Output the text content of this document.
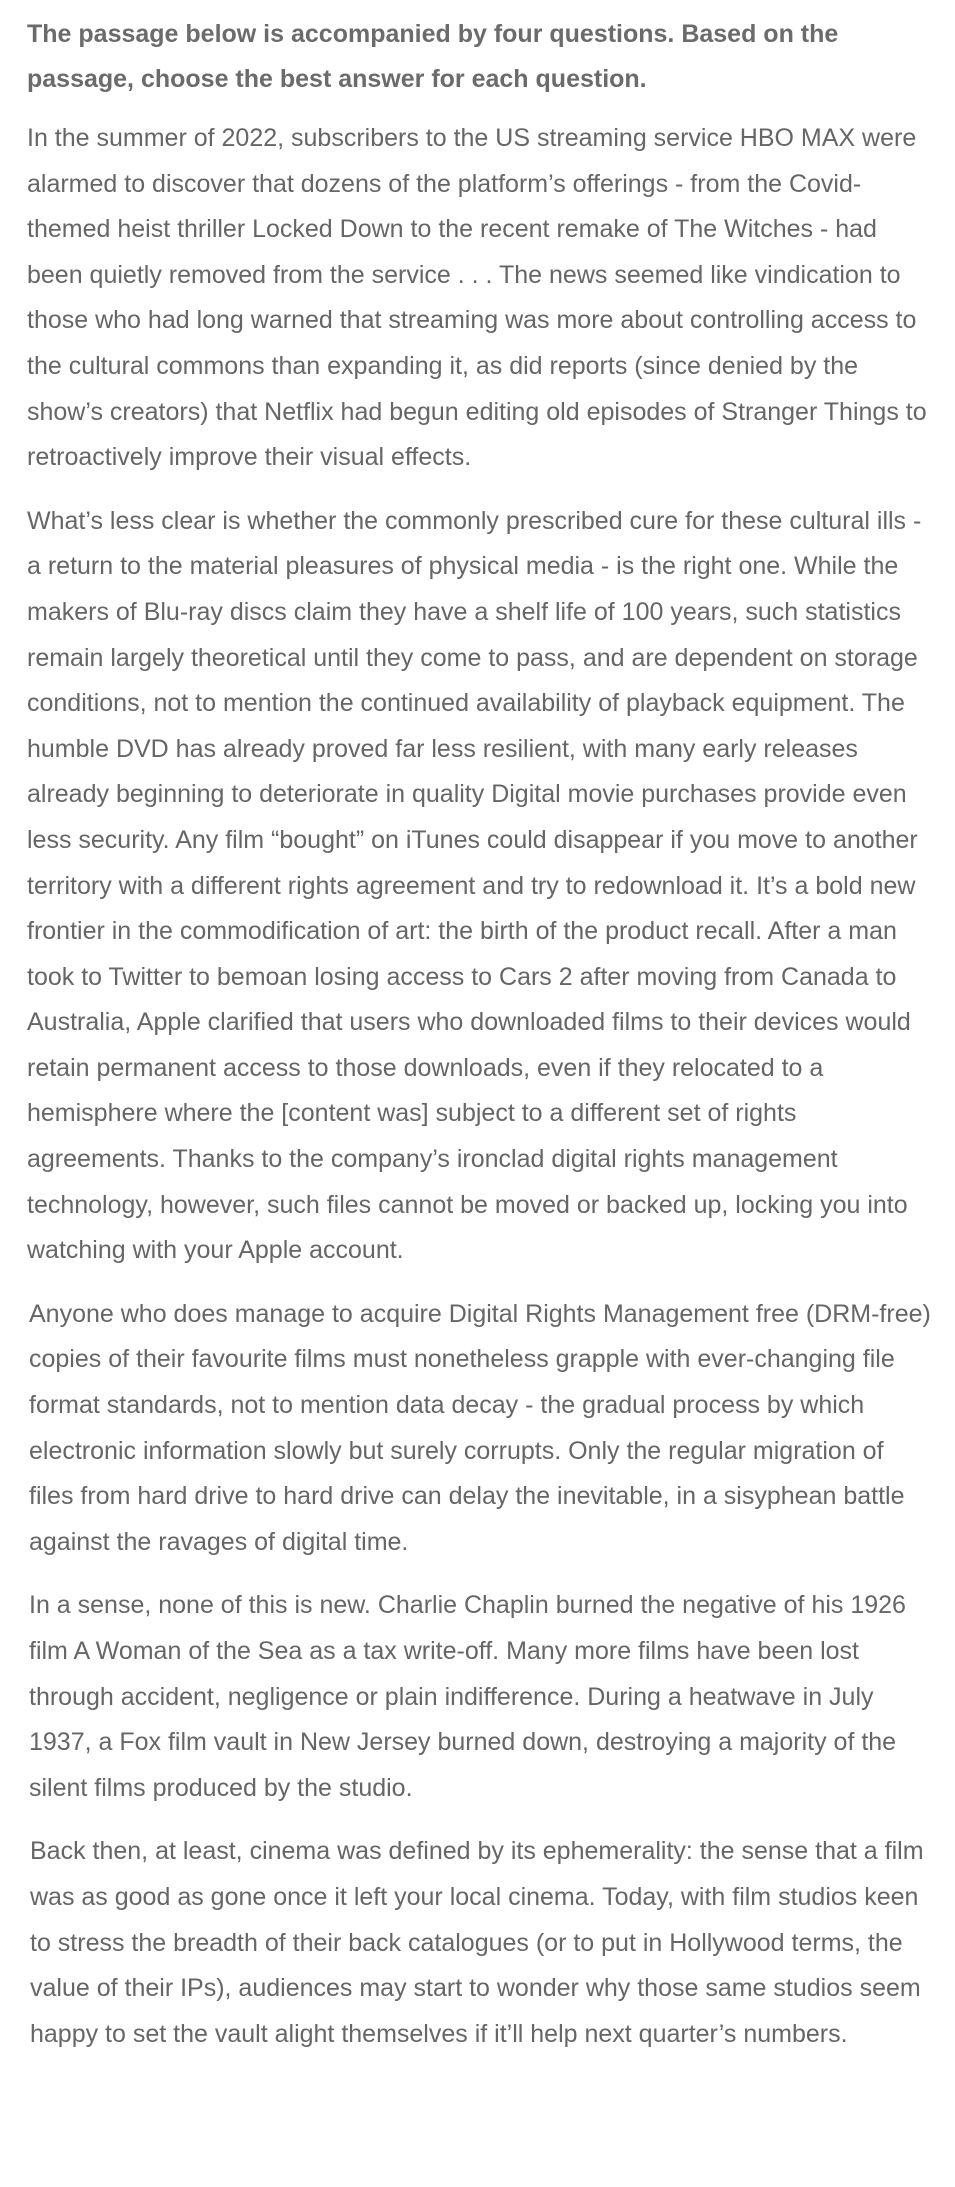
The passage below is accompanied by four questions. Based on the passage, choose the best answer for each question.

In the summer of 2022, subscribers to the US streaming service HBO MAX were alarmed to discover that dozens of the platform’s offerings - from the Covid-themed heist thriller Locked Down to the recent remake of The Witches - had been quietly removed from the service . . . The news seemed like vindication to those who had long warned that streaming was more about controlling access to the cultural commons than expanding it, as did reports (since denied by the show’s creators) that Netflix had begun editing old episodes of Stranger Things to retroactively improve their visual effects.

What’s less clear is whether the commonly prescribed cure for these cultural ills - a return to the material pleasures of physical media - is the right one. While the makers of Blu-ray discs claim they have a shelf life of 100 years, such statistics remain largely theoretical until they come to pass, and are dependent on storage conditions, not to mention the continued availability of playback equipment. The humble DVD has already proved far less resilient, with many early releases already beginning to deteriorate in quality Digital movie purchases provide even less security. Any film “bought” on iTunes could disappear if you move to another territory with a different rights agreement and try to redownload it. It’s a bold new frontier in the commodification of art: the birth of the product recall. After a man took to Twitter to bemoan losing access to Cars 2 after moving from Canada to Australia, Apple clarified that users who downloaded films to their devices would retain permanent access to those downloads, even if they relocated to a hemisphere where the [content was] subject to a different set of rights agreements. Thanks to the company’s ironclad digital rights management technology, however, such files cannot be moved or backed up, locking you into watching with your Apple account.

Anyone who does manage to acquire Digital Rights Management free (DRM-free) copies of their favourite films must nonetheless grapple with ever-changing file format standards, not to mention data decay - the gradual process by which electronic information slowly but surely corrupts. Only the regular migration of files from hard drive to hard drive can delay the inevitable, in a sisyphean battle against the ravages of digital time.

In a sense, none of this is new. Charlie Chaplin burned the negative of his 1926 film A Woman of the Sea as a tax write-off. Many more films have been lost through accident, negligence or plain indifference. During a heatwave in July 1937, a Fox film vault in New Jersey burned down, destroying a majority of the silent films produced by the studio.

Back then, at least, cinema was defined by its ephemerality: the sense that a film was as good as gone once it left your local cinema. Today, with film studios keen to stress the breadth of their back catalogues (or to put in Hollywood terms, the value of their IPs), audiences may start to wonder why those same studios seem happy to set the vault alight themselves if it’ll help next quarter’s numbers.
